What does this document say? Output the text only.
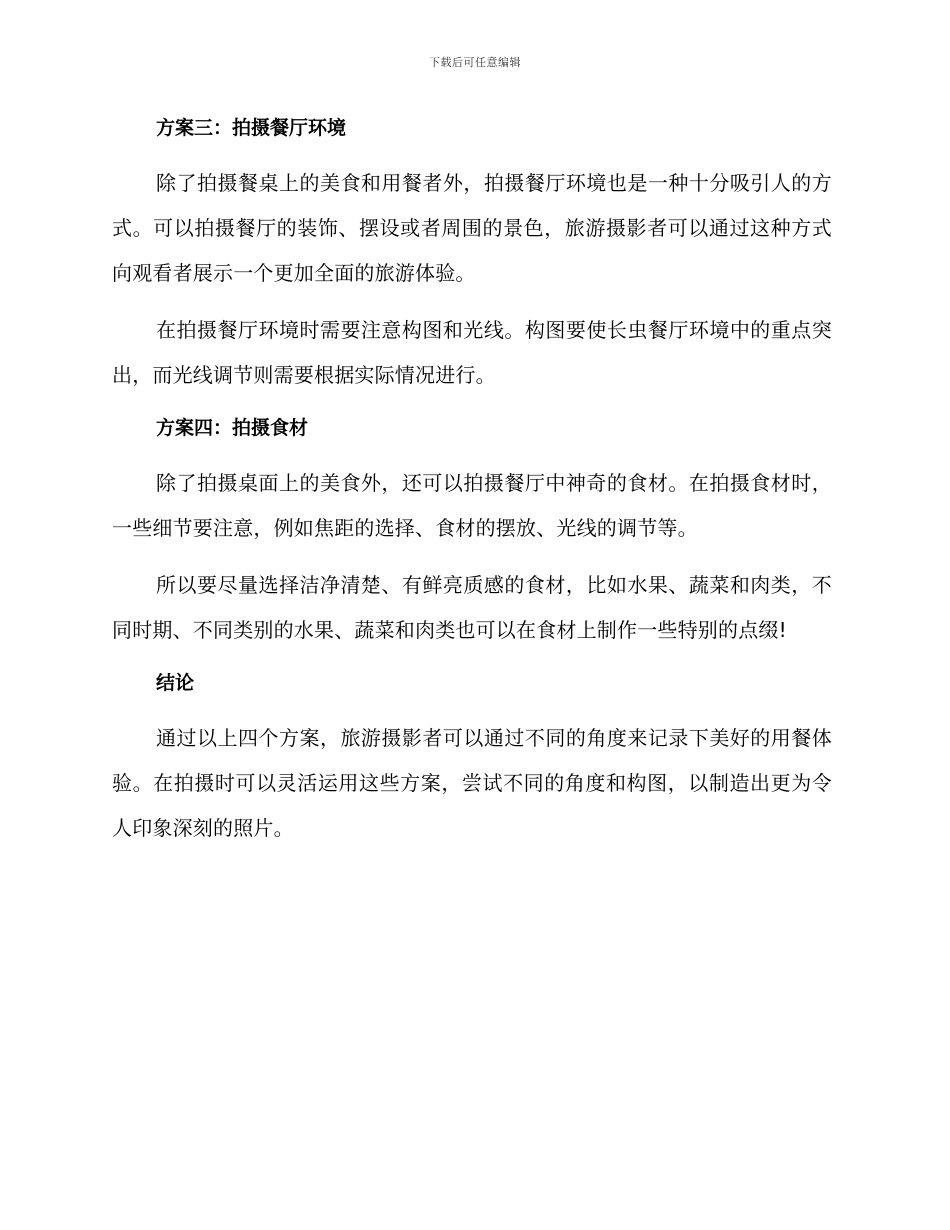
下载后可任意编辑
方案三：拍摄餐厅环境

除了拍摄餐桌上的美食和用餐者外，拍摄餐厅环境也是一种十分吸引人的方式。可以拍摄餐厅的装饰、摆设或者周围的景色，旅游摄影者可以通过这种方式向观看者展示一个更加全面的旅游体验。

在拍摄餐厅环境时需要注意构图和光线。构图要使长虫餐厅环境中的重点突出，而光线调节则需要根据实际情况进行。

方案四：拍摄食材

除了拍摄桌面上的美食外，还可以拍摄餐厅中神奇的食材。在拍摄食材时，一些细节要注意，例如焦距的选择、食材的摆放、光线的调节等。

所以要尽量选择洁净清楚、有鲜亮质感的食材，比如水果、蔬菜和肉类，不同时期、不同类别的水果、蔬菜和肉类也可以在食材上制作一些特别的点缀!

结论

通过以上四个方案，旅游摄影者可以通过不同的角度来记录下美好的用餐体验。在拍摄时可以灵活运用这些方案，尝试不同的角度和构图，以制造出更为令人印象深刻的照片。
